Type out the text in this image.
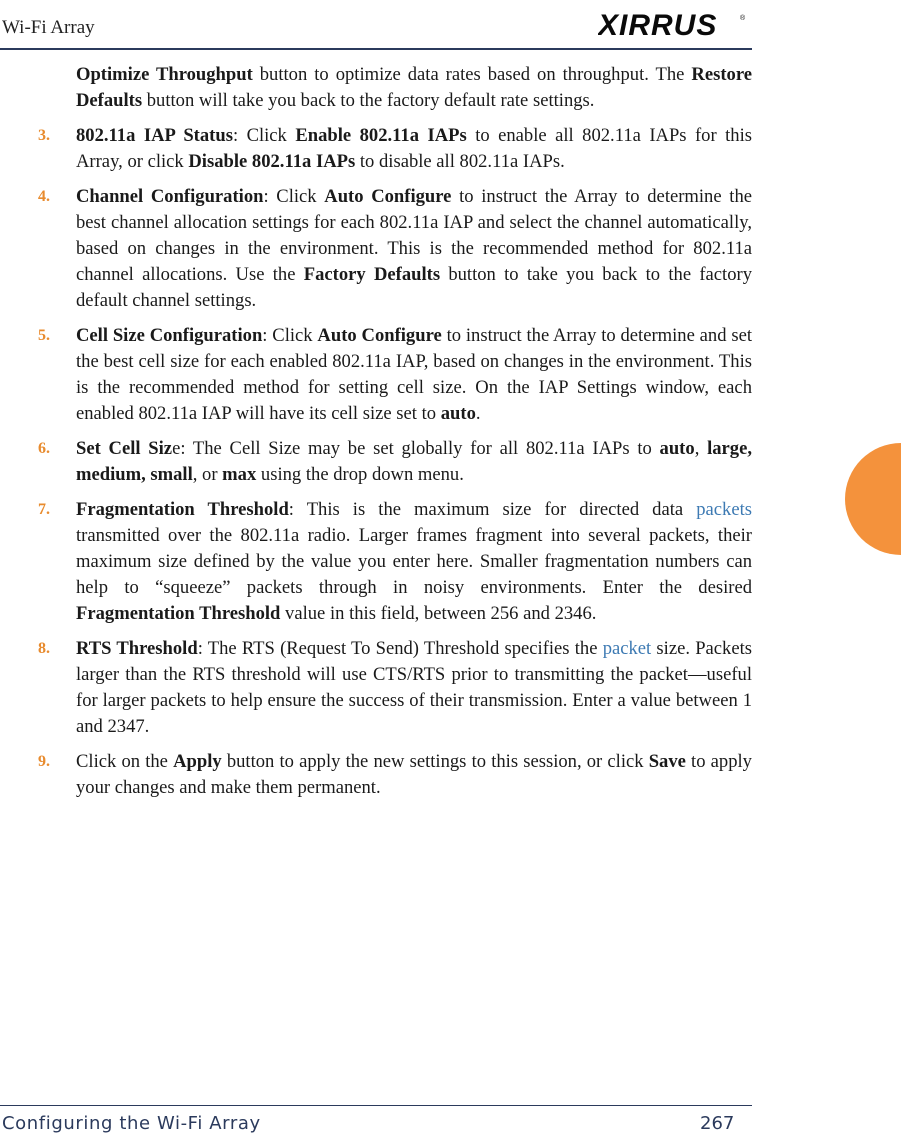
Wi-Fi Array	XIRRUS	®

Optimize Throughput button to optimize data rates based on throughput. The Restore Defaults button will take you back to the factory default rate settings.

3. 802.11a IAP Status: Click Enable 802.11a IAPs to enable all 802.11a IAPs for this Array, or click Disable 802.11a IAPs to disable all 802.11a IAPs.

4. Channel Configuration: Click Auto Configure to instruct the Array to determine the best channel allocation settings for each 802.11a IAP and select the channel automatically, based on changes in the environment. This is the recommended method for 802.11a channel allocations. Use the Factory Defaults button to take you back to the factory default channel settings.

5. Cell Size Configuration: Click Auto Configure to instruct the Array to determine and set the best cell size for each enabled 802.11a IAP, based on changes in the environment. This is the recommended method for setting cell size. On the IAP Settings window, each enabled 802.11a IAP will have its cell size set to auto.

6. Set Cell Size: The Cell Size may be set globally for all 802.11a IAPs to auto, large, medium, small, or max using the drop down menu.

7. Fragmentation Threshold: This is the maximum size for directed data packets transmitted over the 802.11a radio. Larger frames fragment into several packets, their maximum size defined by the value you enter here. Smaller fragmentation numbers can help to “squeeze” packets through in noisy environments. Enter the desired Fragmentation Threshold value in this field, between 256 and 2346.

8. RTS Threshold: The RTS (Request To Send) Threshold specifies the packet size. Packets larger than the RTS threshold will use CTS/RTS prior to transmitting the packet—useful for larger packets to help ensure the success of their transmission. Enter a value between 1 and 2347.

9. Click on the Apply button to apply the new settings to this session, or click Save to apply your changes and make them permanent.

Configuring the Wi-Fi Array	267
